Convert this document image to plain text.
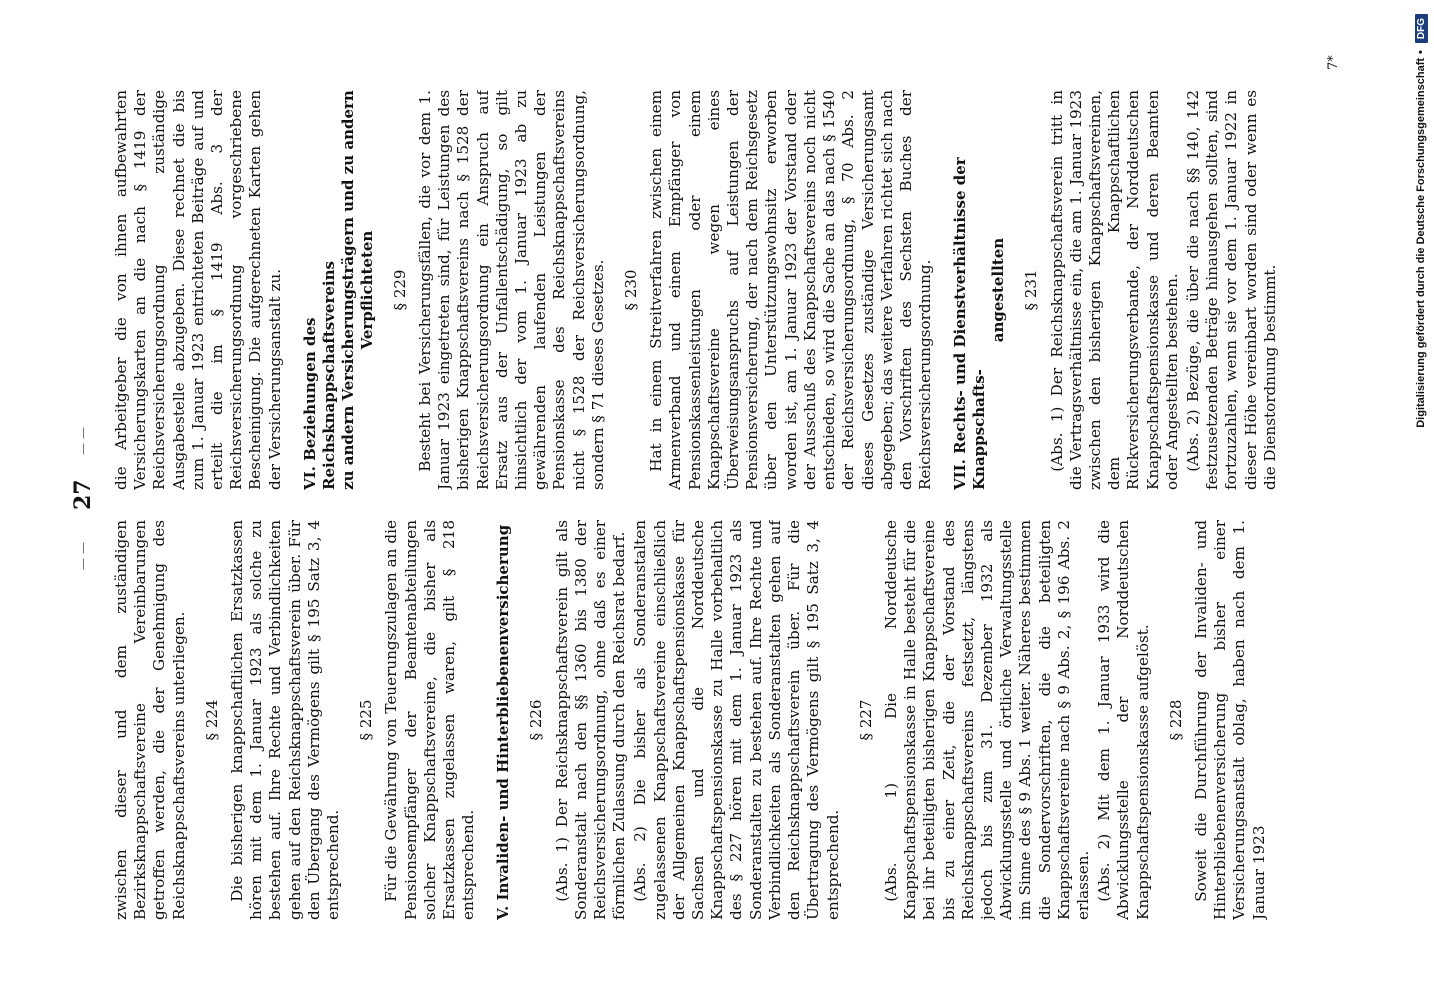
— —
27
— —

zwischen dieser und dem zuständigen Bezirksknappschaftsvereine Vereinbarungen getroffen werden, die der Genehmigung des Reichsknappschaftsvereins unterliegen. § 224 Die bisherigen knappschaftlichen Ersatzkassen hören mit dem 1. Januar 1923 als solche zu bestehen auf. Ihre Rechte und Verbindlichkeiten gehen auf den Reichsknappschaftsverein über. Für den Übergang des Vermögens gilt § 195 Satz 3, 4 entsprechend.

§ 225 Für die Gewährung von Teuerungszulagen an die Pensionsempfänger der Beamtenabteilungen solcher Knappschaftsvereine, die bisher als Ersatzkassen zugelassen waren, gilt § 218 entsprechend. V. Invaliden- und Hinterbliebenenversicherung § 226 (Abs. 1) Der Reichsknappschaftsverein gilt als Sonderanstalt nach den §§ 1360 bis 1380 der Reichsversicherungsordnung, ohne daß es einer förmlichen Zulassung durch den Reichsrat bedarf. (Abs. 2) Die bisher als Sonderanstalten zugelassenen Knappschaftsvereine einschließlich der Allgemeinen Knappschaftspensionskasse für Sachsen und die Norddeutsche Knappschaftspensionskasse zu Halle vorbehaltlich des § 227 hören mit dem 1. Januar 1923 als Sonderanstalten zu bestehen auf. Ihre Rechte und Verbindlichkeiten als Sonderanstalten gehen auf den Reichsknappschaftsverein über. Für die Übertragung des Vermögens gilt § 195 Satz 3, 4 entsprechend.

§ 227 (Abs. 1) Die Norddeutsche Knappschaftspensionskasse in Halle besteht für die bei ihr beteiligten bisherigen Knappschaftsvereine bis zu einer Zeit, die der Vorstand des Reichsknappschaftsvereins festsetzt, längstens jedoch bis zum 31. Dezember 1932 als Abwicklungsstelle und örtliche Verwaltungsstelle im Sinne des § 9 Abs. 1 weiter. Näheres bestimmen die Sondervorschriften, die die beteiligten Knappschaftsvereine nach § 9 Abs. 2, § 196 Abs. 2 erlassen. (Abs. 2) Mit dem 1. Januar 1933 wird die Abwicklungsstelle der Norddeutschen Knappschaftspensionskasse aufgelöst. § 228 Soweit die Durchführung der Invaliden- und Hinterbliebenenversicherung bisher einer Versicherungsanstalt oblag, haben nach dem 1. Januar 1923

die Arbeitgeber die von ihnen aufbewahrten Versicherungskarten an die nach § 1419 der Reichsversicherungsordnung zuständige Ausgabestelle abzugeben. Diese rechnet die bis zum 1. Januar 1923 entrichteten Beiträge auf und erteilt die im § 1419 Abs. 3 der Reichsversicherungsordnung vorgeschriebene Bescheinigung. Die aufgerechneten Karten gehen der Versicherungsanstalt zu. VI. Beziehungen des Reichsknappschaftsvereins zu andern Versicherungsträgern und zu andern Verpflichteten § 229 Besteht bei Versicherungsfällen, die vor dem 1. Januar 1923 eingetreten sind, für Leistungen des bisherigen Knappschaftsvereins nach § 1528 der Reichsversicherungsordnung ein Anspruch auf Ersatz aus der Unfallentschädigung, so gilt hinsichtlich der vom 1. Januar 1923 ab zu gewährenden laufenden Leistungen der Pensionskasse des Reichsknappschaftsvereins nicht § 1528 der Reichsversicherungsordnung, sondern § 71 dieses Gesetzes. § 230 Hat in einem Streitverfahren zwischen einem Armenverband und einem Empfänger von Pensionskassenleistungen oder einem Knappschaftsvereine wegen eines Überweisungsanspruchs auf Leistungen der Pensionsversicherung, der nach dem Reichsgesetz über den Unterstützungswohnsitz erworben worden ist, am 1. Januar 1923 der Vorstand oder der Ausschuß des Knappschaftsvereins noch nicht entschieden, so wird die Sache an das nach § 1540 der Reichsversicherungsordnung, § 70 Abs. 2 dieses Gesetzes zuständige Versicherungsamt abgegeben; das weitere Verfahren richtet sich nach den Vorschriften des Sechsten Buches der Reichsversicherungsordnung. VII. Rechts- und Dienstverhältnisse der Knappschafts-
angestellten § 231 (Abs. 1) Der Reichsknappschaftsverein tritt in die Vertragsverhältnisse ein, die am 1. Januar 1923 zwischen den bisherigen Knappschaftsvereinen, dem Knappschaftlichen Rückversicherungsverbande, der Norddeutschen Knappschaftspensionskasse und deren Beamten oder Angestellten bestehen. (Abs. 2) Bezüge, die über die nach §§ 140, 142 festzusetzenden Beträge hinausgehen sollten, sind fortzuzahlen, wenn sie vor dem 1. Januar 1922 in dieser Höhe vereinbart worden sind oder wenn es die Dienstordnung bestimmt.

7*	Digitalisierung gefördert durch die Deutsche Forschungsgemeinschaft
•
DFG
